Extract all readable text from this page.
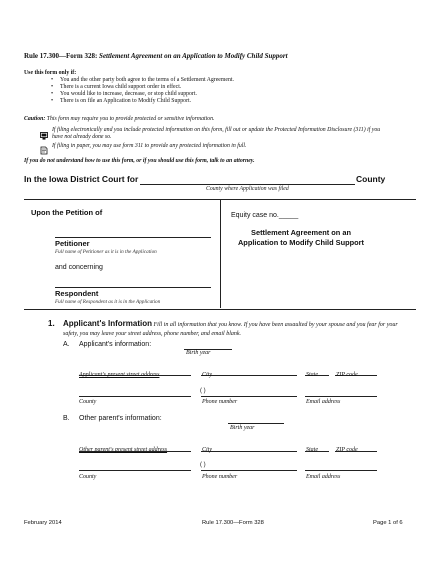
Rule 17.300—Form 328: Settlement Agreement on an Application to Modify Child Support
Use this form only if:
• You and the other party both agree to the terms of a Settlement Agreement.
• There is a current Iowa child support order in effect.
• You would like to increase, decrease, or stop child support.
• There is on file an Application to Modify Child Support.
Caution: This form may require you to provide protected or sensitive information.
If filing electronically and you include protected information on this form, fill out or update the Protected Information Disclosure (311) if you have not already done so.
If filing in paper, you may use form 311 to provide any protected information in full.
If you do not understand how to use this form, or if you should use this form, talk to an attorney.
In the Iowa District Court for	County
County where Application was filed
Upon the Petition of
Petitioner
Full name of Petitioner as it is in the Application
and concerning
Respondent
Full name of Respondent as it is in the Application
Equity case no._____
Settlement Agreement on an Application to Modify Child Support
1. Applicant's Information Fill in all information that you know. If you have been assaulted by your spouse and you fear for your safety, you may leave your street address, phone number, and email blank.
A. Applicant's information:
Birth year
Applicant's present street address	City	State	ZIP code
( )
County	Phone number	Email address
B. Other parent's information:
Birth year
Other parent's present street address	City	State	ZIP code
( )
County	Phone number	Email address
February 2014	Rule 17.300—Form 328	Page 1 of 6
